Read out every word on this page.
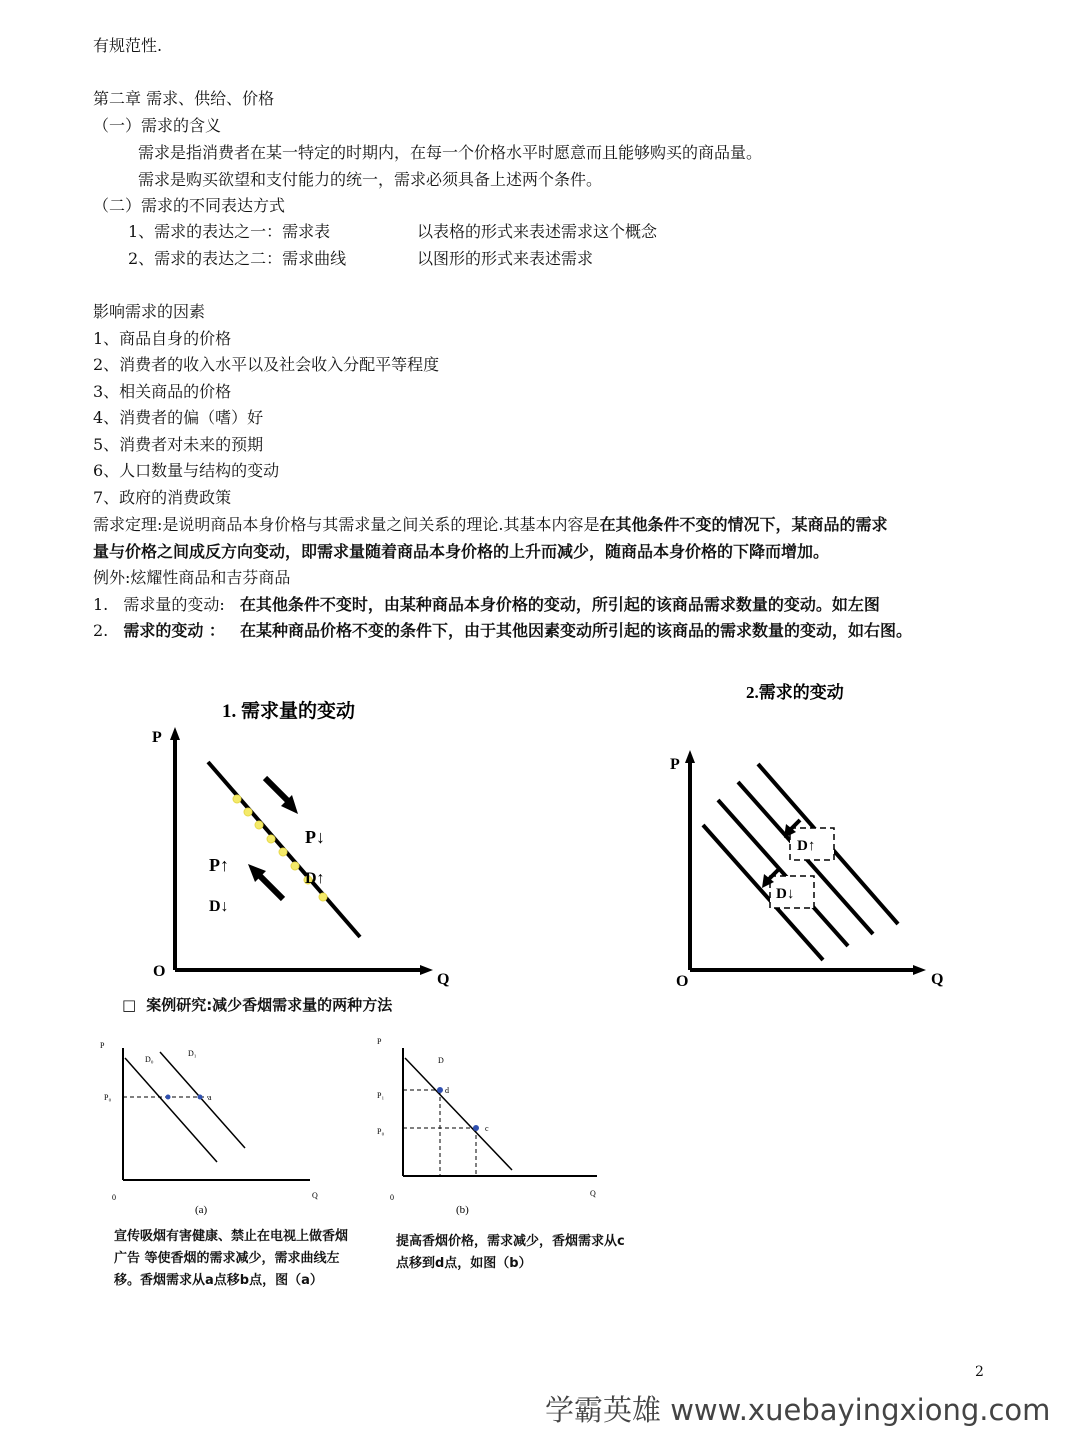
有规范性.
第二章 需求、供给、价格
（一）需求的含义
需求是指消费者在某一特定的时期内，在每一个价格水平时愿意而且能够购买的商品量。
需求是购买欲望和支付能力的统一，需求必须具备上述两个条件。
（二）需求的不同表达方式
1、需求的表达之一：需求表	以表格的形式来表述需求这个概念
2、需求的表达之二：需求曲线	以图形的形式来表述需求
影响需求的因素
1、商品自身的价格
2、消费者的收入水平以及社会收入分配平等程度
3、相关商品的价格
4、消费者的偏（嗜）好
5、消费者对未来的预期
6、人口数量与结构的变动
7、政府的消费政策
需求定理:是说明商品本身价格与其需求量之间关系的理论.其基本内容是在其他条件不变的情况下，某商品的需求
量与价格之间成反方向变动，即需求量随着商品本身价格的上升而减少，随商品本身价格的下降而增加。
例外:炫耀性商品和吉芬商品
1. 需求量的变动: 在其他条件不变时，由某种商品本身价格的变动，所引起的该商品需求数量的变动。如左图
2. 需求的变动 ： 在某种商品价格不变的条件下，由于其他因素变动所引起的该商品的需求数量的变动，如右图。
1. 需求量的变动
P
Q
O
P↓
D↑
P↑
D↓
2.需求的变动
P
Q
O
D↑
D↓
□ 案例研究:减少香烟需求量的两种方法
P
Q
0
D₀
D₁
P₀	a
(a)
P
Q
0
D
P₁
P₀
d
c
(b)
宣传吸烟有害健康、禁止在电视上做香烟广告 等使香烟的需求减少，需求曲线左移。香烟需求从a点移b点，图（a）
提高香烟价格，需求减少，香烟需求从c点移到d点，如图（b）
2
学霸英雄 www.xuebayingxiong.com
